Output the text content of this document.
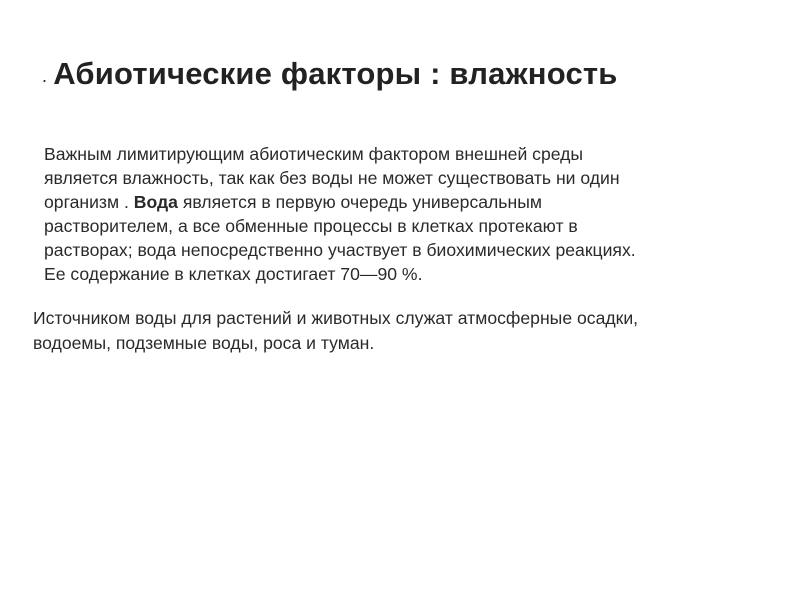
. Абиотические факторы : влажность

Важным лимитирующим абиотическим фактором внешней среды

является влажность, так как без воды не может существовать ни один

организм . Вода является в первую очередь универсальным

растворителем, а все обменные процессы в клетках протекают в

растворах; вода непосредственно участвует в биохимических реакциях.

Ее содержание в клетках достигает 70—90 %.

Источником воды для растений и животных служат атмосферные осадки,

водоемы, подземные воды, роса и туман.
